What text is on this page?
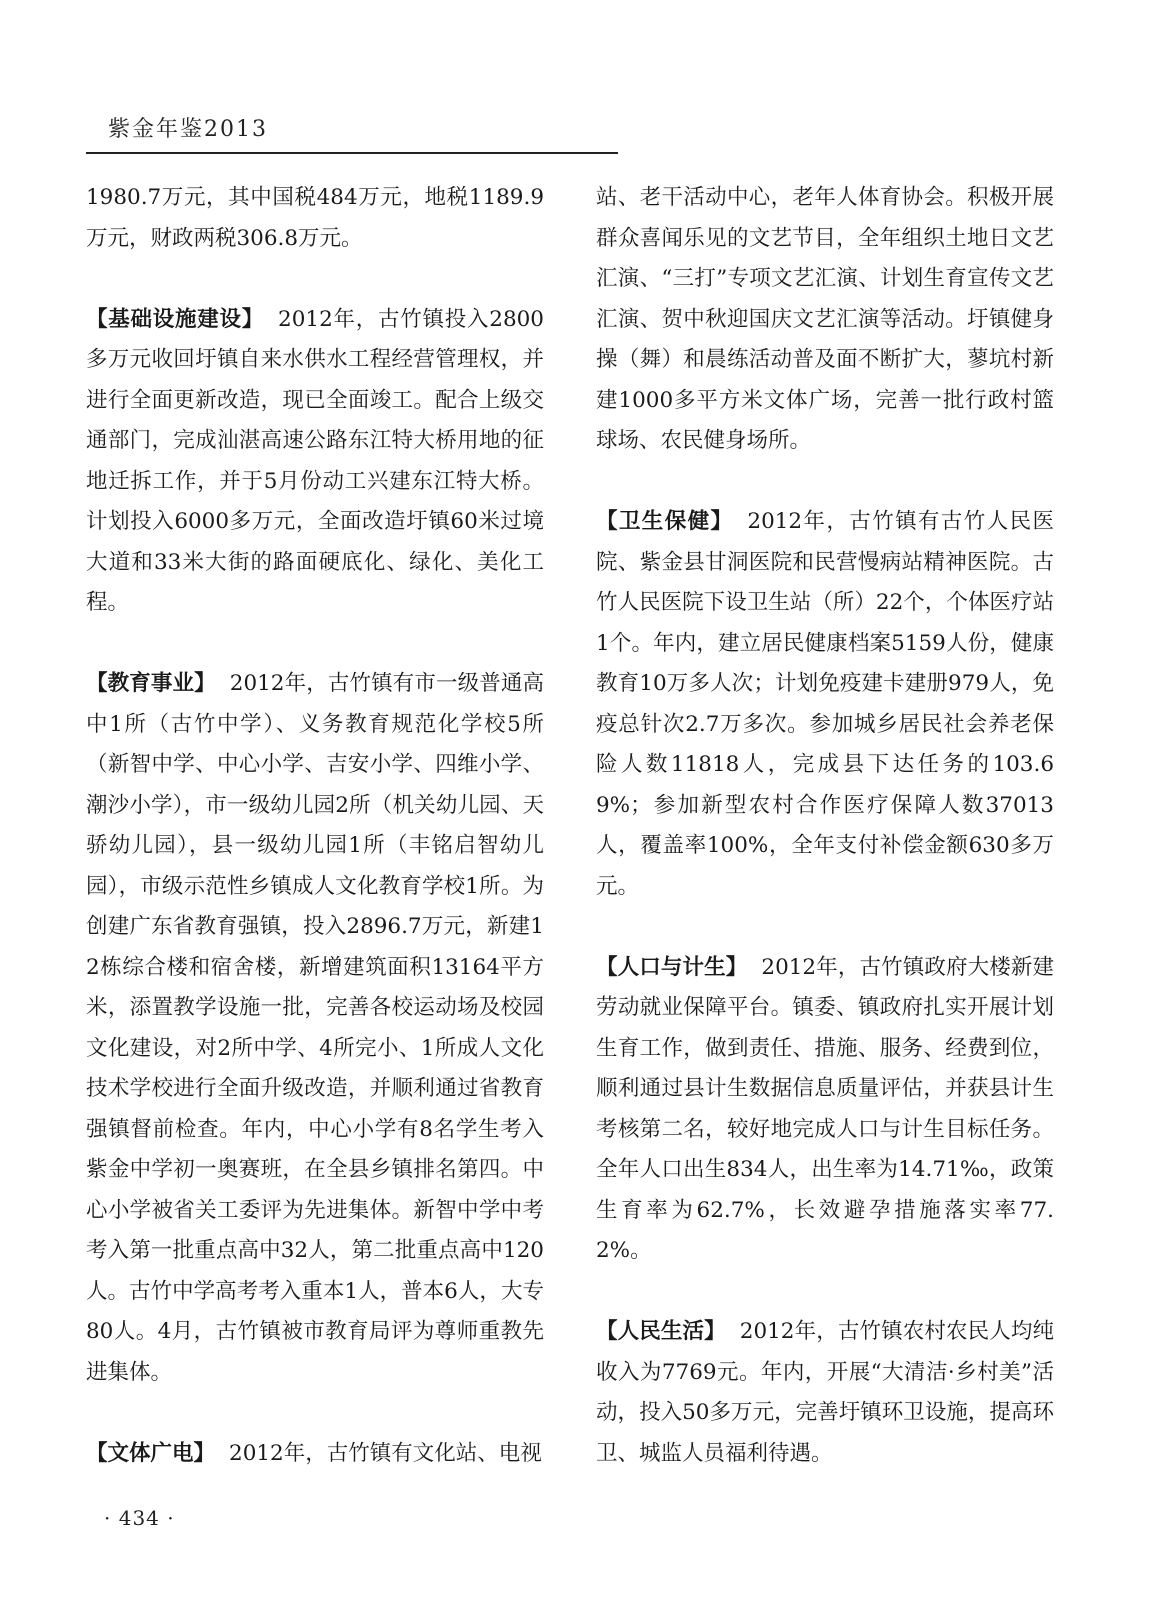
紫金年鉴2013

1980.7万元，其中国税484万元，地税1189.9万元，财政两税306.8万元。

【基础设施建设】 2012年，古竹镇投入2800多万元收回圩镇自来水供水工程经营管理权，并进行全面更新改造，现已全面竣工。配合上级交通部门，完成汕湛高速公路东江特大桥用地的征地迁拆工作，并于5月份动工兴建东江特大桥。计划投入6000多万元，全面改造圩镇60米过境大道和33米大街的路面硬底化、绿化、美化工程。

【教育事业】 2012年，古竹镇有市一级普通高中1所（古竹中学）、义务教育规范化学校5所（新智中学、中心小学、吉安小学、四维小学、潮沙小学），市一级幼儿园2所（机关幼儿园、天骄幼儿园），县一级幼儿园1所（丰铭启智幼儿园），市级示范性乡镇成人文化教育学校1所。为创建广东省教育强镇，投入2896.7万元，新建12栋综合楼和宿舍楼，新增建筑面积13164平方米，添置教学设施一批，完善各校运动场及校园文化建设，对2所中学、4所完小、1所成人文化技术学校进行全面升级改造，并顺利通过省教育强镇督前检查。年内，中心小学有8名学生考入紫金中学初一奥赛班，在全县乡镇排名第四。中心小学被省关工委评为先进集体。新智中学中考考入第一批重点高中32人，第二批重点高中120人。古竹中学高考考入重本1人，普本6人，大专80人。4月，古竹镇被市教育局评为尊师重教先进集体。

【文体广电】 2012年，古竹镇有文化站、电视

站、老干活动中心，老年人体育协会。积极开展群众喜闻乐见的文艺节目，全年组织土地日文艺汇演、“三打”专项文艺汇演、计划生育宣传文艺汇演、贺中秋迎国庆文艺汇演等活动。圩镇健身操（舞）和晨练活动普及面不断扩大，蓼坑村新建1000多平方米文体广场，完善一批行政村篮球场、农民健身场所。

【卫生保健】 2012年，古竹镇有古竹人民医院、紫金县甘洞医院和民营慢病站精神医院。古竹人民医院下设卫生站（所）22个，个体医疗站1个。年内，建立居民健康档案5159人份，健康教育10万多人次；计划免疫建卡建册979人，免疫总针次2.7万多次。参加城乡居民社会养老保险人数11818人，完成县下达任务的103.69%；参加新型农村合作医疗保障人数37013人，覆盖率100%，全年支付补偿金额630多万元。

【人口与计生】 2012年，古竹镇政府大楼新建劳动就业保障平台。镇委、镇政府扎实开展计划生育工作，做到责任、措施、服务、经费到位，顺利通过县计生数据信息质量评估，并获县计生考核第二名，较好地完成人口与计生目标任务。全年人口出生834人，出生率为14.71‰，政策生育率为62.7%，长效避孕措施落实率77.2%。

【人民生活】 2012年，古竹镇农村农民人均纯收入为7769元。年内，开展“大清洁·乡村美”活动，投入50多万元，完善圩镇环卫设施，提高环卫、城监人员福利待遇。

· 434 ·
